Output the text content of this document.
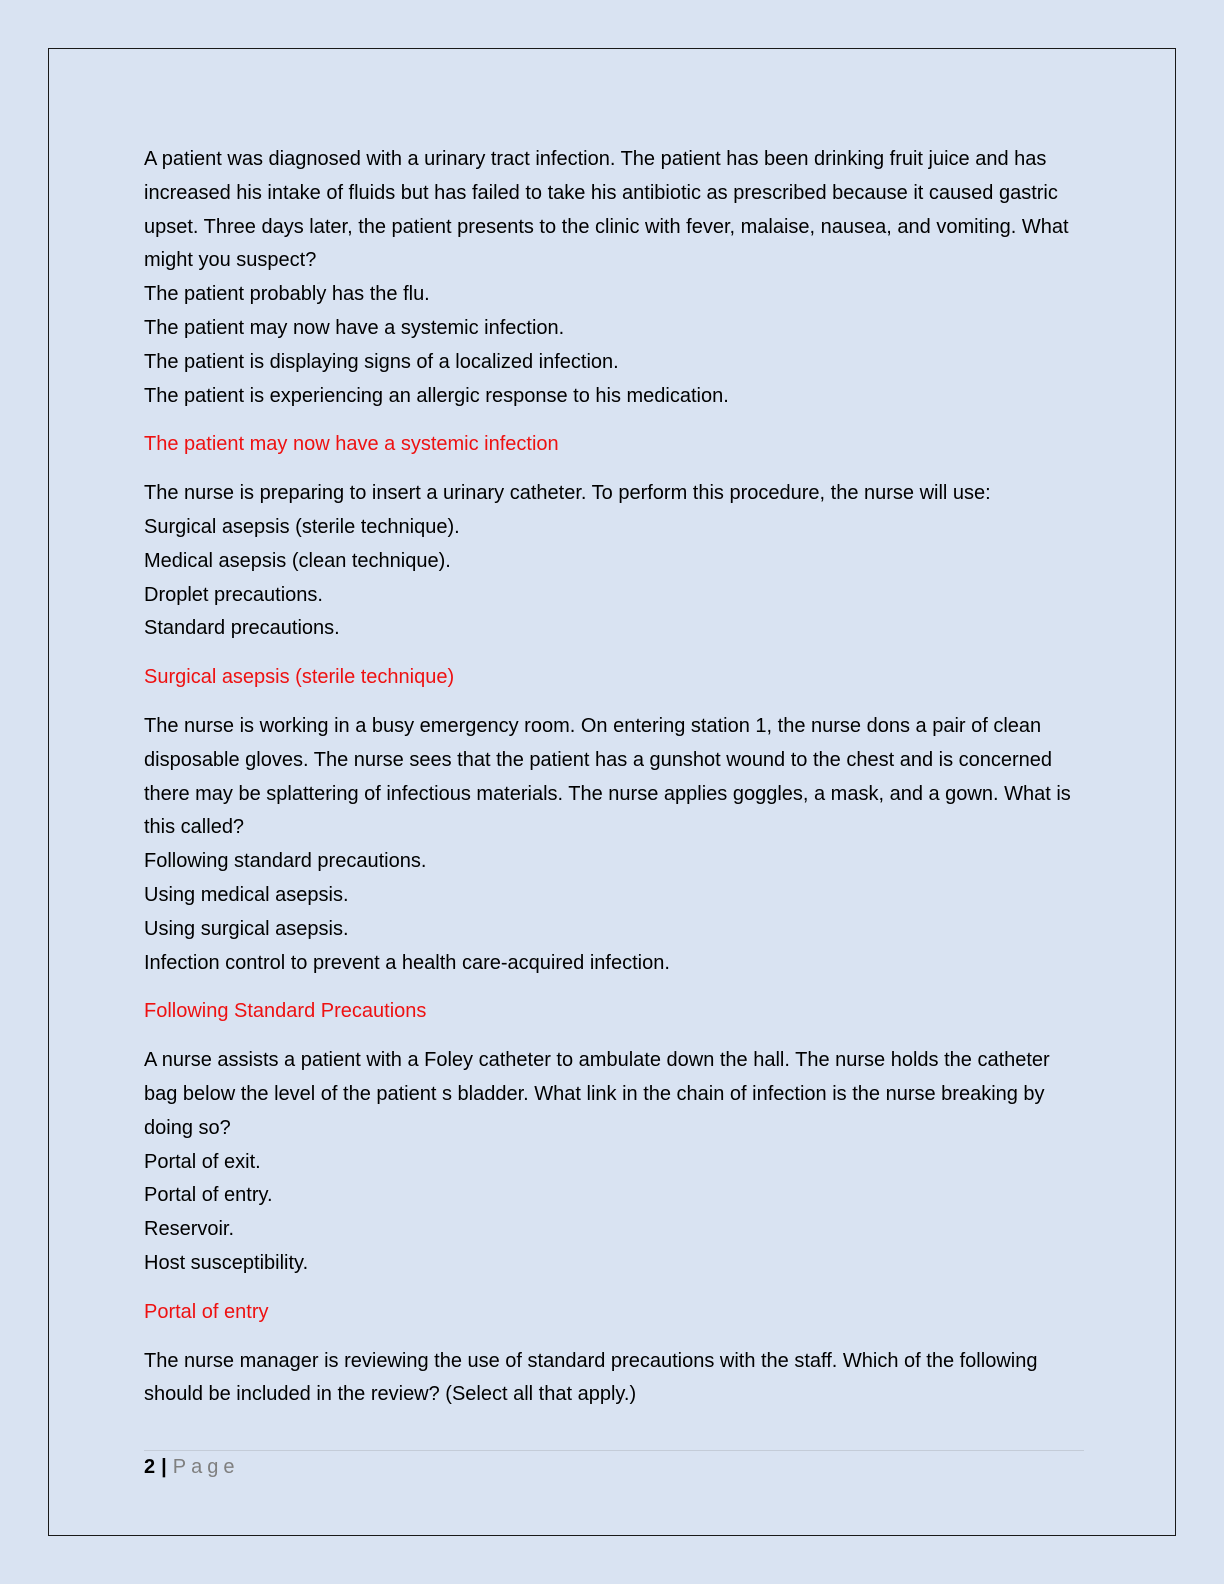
A patient was diagnosed with a urinary tract infection. The patient has been drinking fruit juice and has increased his intake of fluids but has failed to take his antibiotic as prescribed because it caused gastric upset. Three days later, the patient presents to the clinic with fever, malaise, nausea, and vomiting. What might you suspect?
The patient probably has the flu.
The patient may now have a systemic infection.
The patient is displaying signs of a localized infection.
The patient is experiencing an allergic response to his medication.
The patient may now have a systemic infection
The nurse is preparing to insert a urinary catheter. To perform this procedure, the nurse will use:
Surgical asepsis (sterile technique).
Medical asepsis (clean technique).
Droplet precautions.
Standard precautions.
Surgical asepsis (sterile technique)
The nurse is working in a busy emergency room. On entering station 1, the nurse dons a pair of clean disposable gloves. The nurse sees that the patient has a gunshot wound to the chest and is concerned there may be splattering of infectious materials. The nurse applies goggles, a mask, and a gown. What is this called?
Following standard precautions.
Using medical asepsis.
Using surgical asepsis.
Infection control to prevent a health care-acquired infection.
Following Standard Precautions
A nurse assists a patient with a Foley catheter to ambulate down the hall. The nurse holds the catheter bag below the level of the patient s bladder. What link in the chain of infection is the nurse breaking by doing so?
Portal of exit.
Portal of entry.
Reservoir.
Host susceptibility.
Portal of entry
The nurse manager is reviewing the use of standard precautions with the staff. Which of the following should be included in the review? (Select all that apply.)
2 | Page
